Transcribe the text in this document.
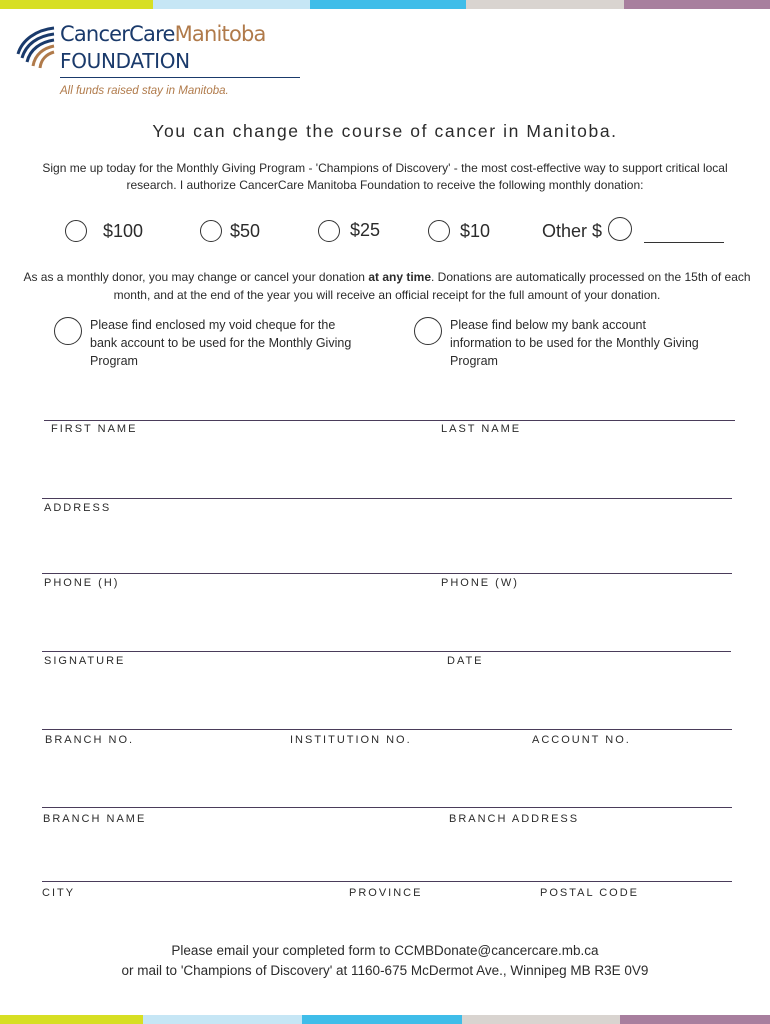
CancerCareManitoba
FOUNDATION
All funds raised stay in Manitoba.
You can change the course of cancer in Manitoba.
Sign me up today for the Monthly Giving Program - 'Champions of Discovery' - the most cost-effective way to support critical local research. I authorize CancerCare Manitoba Foundation to receive the following monthly donation:
$100	$50	$25	$10	Other $
As as a monthly donor, you may change or cancel your donation at any time. Donations are automatically processed on the 15th of each month, and at the end of the year you will receive an official receipt for the full amount of your donation.
Please find enclosed my void cheque for the bank account to be used for the Monthly Giving Program
Please find below my bank account information to be used for the Monthly Giving Program
FIRST NAME	LAST NAME
ADDRESS
PHONE (H)	PHONE (W)
SIGNATURE	DATE
BRANCH NO.	INSTITUTION NO.	ACCOUNT NO.
BRANCH NAME	BRANCH ADDRESS
CITY	PROVINCE	POSTAL CODE
Please email your completed form to CCMBDonate@cancercare.mb.ca
or mail to 'Champions of Discovery' at 1160-675 McDermot Ave., Winnipeg MB R3E 0V9
